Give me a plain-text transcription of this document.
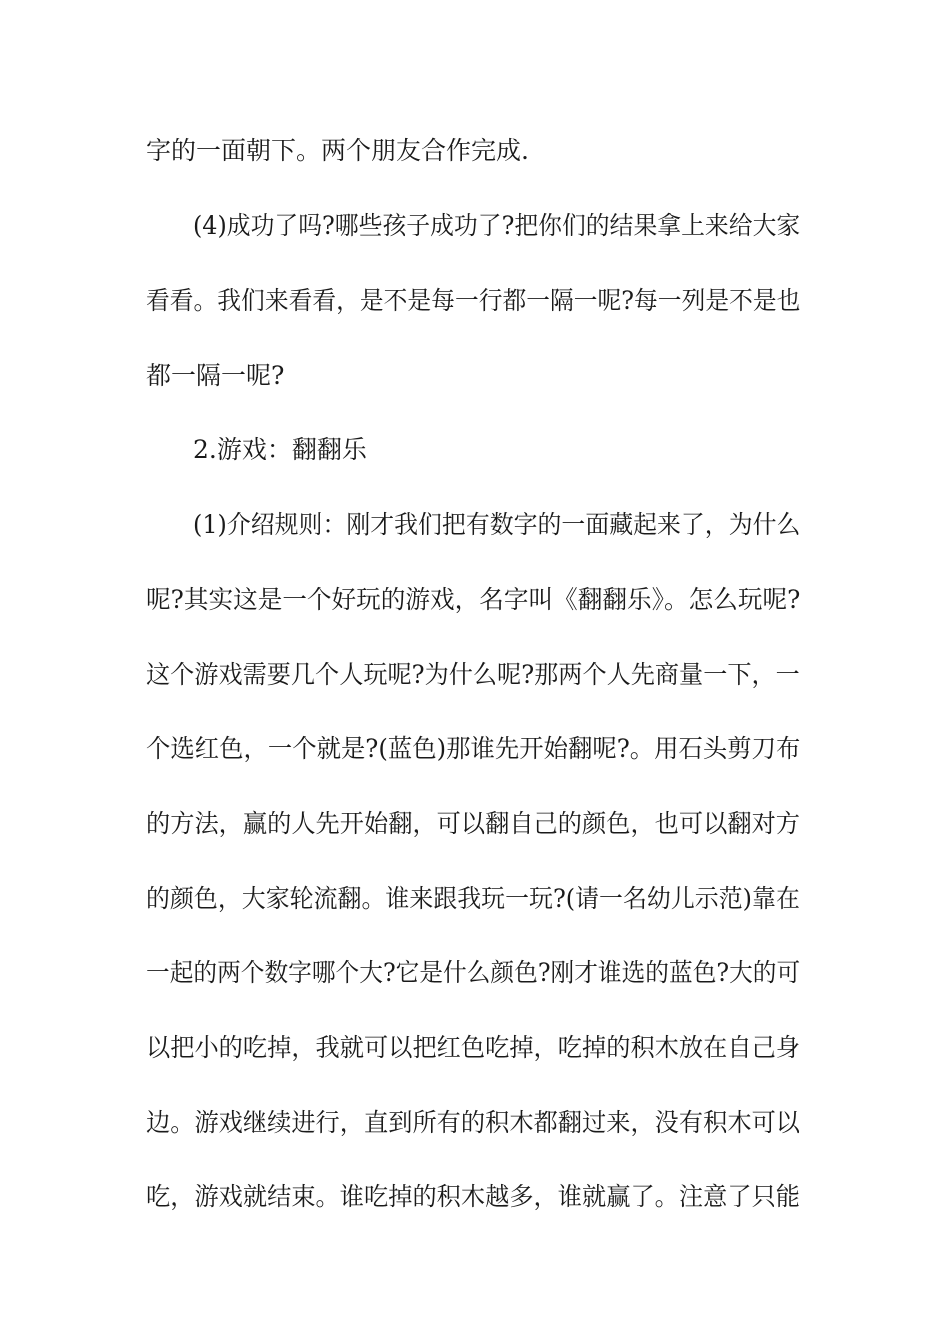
字的一面朝下。两个朋友合作完成.
(4)成功了吗?哪些孩子成功了?把你们的结果拿上来给大家
看看。我们来看看，是不是每一行都一隔一呢?每一列是不是也
都一隔一呢?
2.游戏：翻翻乐
(1)介绍规则：刚才我们把有数字的一面藏起来了，为什么
呢?其实这是一个好玩的游戏，名字叫《翻翻乐》。怎么玩呢?
这个游戏需要几个人玩呢?为什么呢?那两个人先商量一下，一
个选红色，一个就是?(蓝色)那谁先开始翻呢?。用石头剪刀布
的方法，赢的人先开始翻，可以翻自己的颜色，也可以翻对方
的颜色，大家轮流翻。谁来跟我玩一玩?(请一名幼儿示范)靠在
一起的两个数字哪个大?它是什么颜色?刚才谁选的蓝色?大的可
以把小的吃掉，我就可以把红色吃掉，吃掉的积木放在自己身
边。游戏继续进行，直到所有的积木都翻过来，没有积木可以
吃，游戏就结束。谁吃掉的积木越多，谁就赢了。注意了只能
